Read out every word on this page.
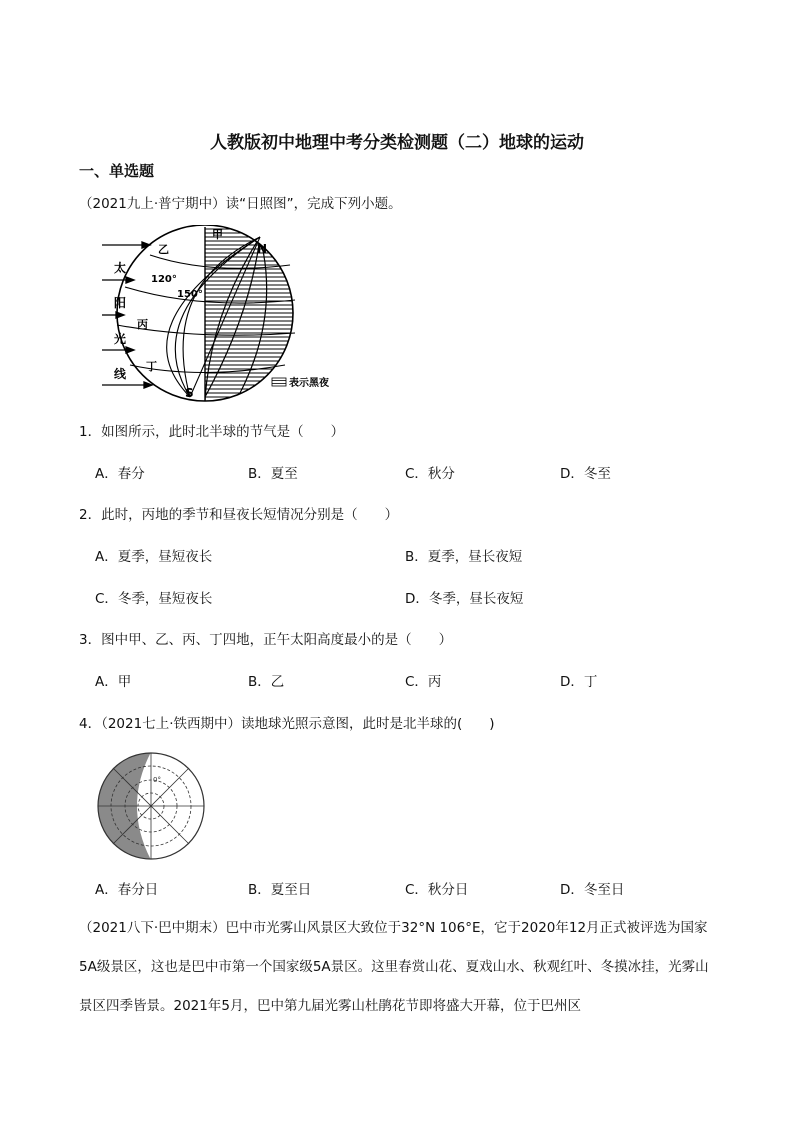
人教版初中地理中考分类检测题（二）地球的运动
一、单选题
（2021九上·普宁期中）读“日照图”，完成下列小题。
甲
N
乙
120°
150°
丙
丁
S
太
阳
光
线
表示黑夜
1．如图所示，此时北半球的节气是（　　）
A．春分	B．夏至	C．秋分	D．冬至
2．此时，丙地的季节和昼夜长短情况分别是（　　）
A．夏季，昼短夜长	B．夏季，昼长夜短
C．冬季，昼短夜长	D．冬季，昼长夜短
3．图中甲、乙、丙、丁四地，正午太阳高度最小的是（　　）
A．甲	B．乙	C．丙	D．丁
4．（2021七上·铁西期中）读地球光照示意图，此时是北半球的(　　)
0°
A．春分日	B．夏至日	C．秋分日	D．冬至日
（2021八下·巴中期末）巴中市光雾山风景区大致位于32°N 106°E，它于2020年12月正式被评选为国家5A级景区，这也是巴中市第一个国家级5A景区。这里春赏山花、夏戏山水、秋观红叶、冬摸冰挂，光雾山景区四季皆景。2021年5月，巴中第九届光雾山杜鹃花节即将盛大开幕，位于巴州区
